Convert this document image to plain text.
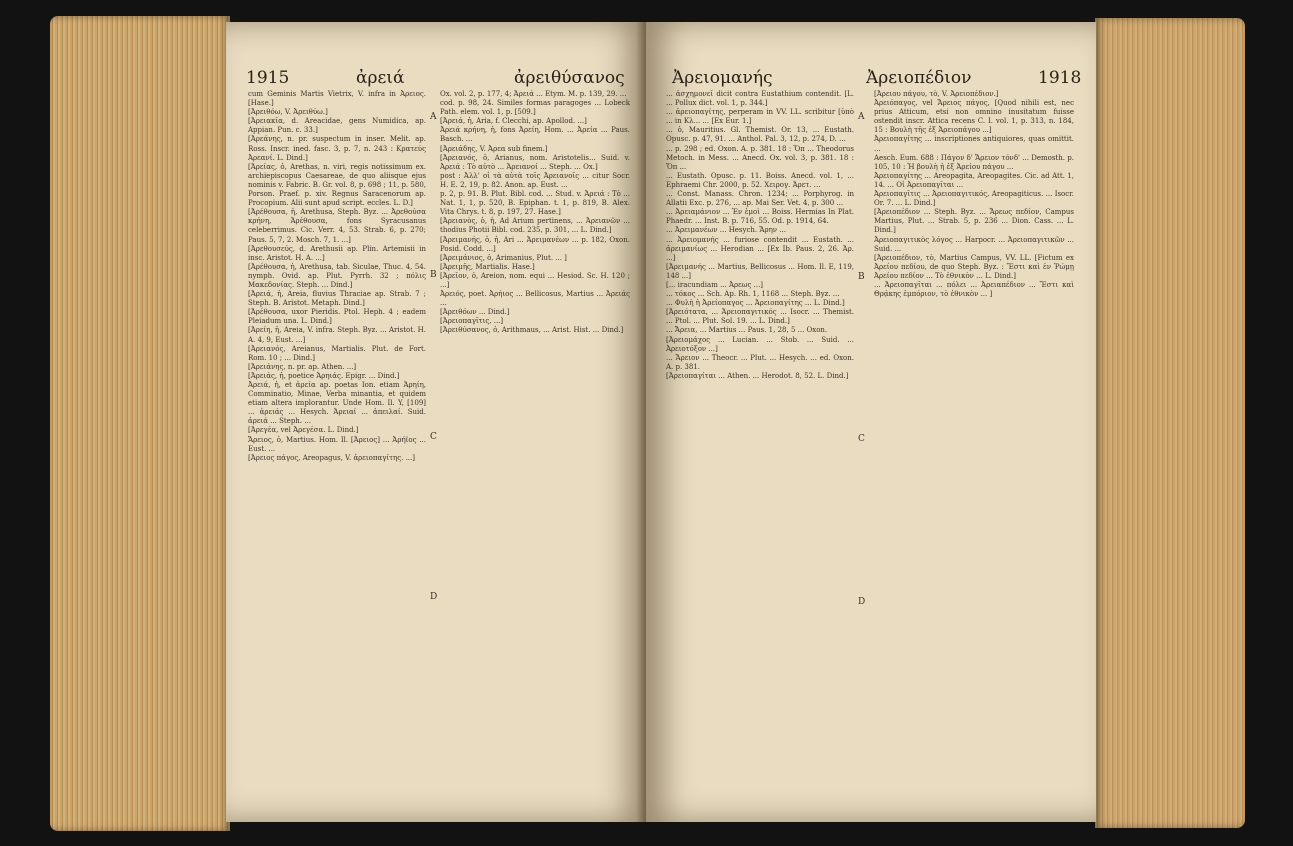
1915	ἀρειά	ἀρειθύσανος

cum Geminis Martis Vietrix, V. infra in Ἀρειος. [Hase.]

[Ἀρειθόω, V. Ἀρειθύω.]

[Ἀρειακῖα, d. Areacidae, gens Numidica, ap. Appian. Pun. c. 33.]

[Ἀρεάνης, n. pr. suspectum in inser. Melit. ap. Ross. Inscr. ined. fasc. 3, p. 7, n. 243 : Κρατεύς Ἀρεανί. L. Dind.]

[Ἀρείας, ὁ, Arethas, n. viri, regis notissimum ex. archiepiscopus Caesareae, de quo aliisque ejus nominis v. Fabric. B. Gr. vol. 8, p. 698 ; 11, p. 580, Porson. Praef. p. xiv. Regnus Saracenorum ap. Procopium. Alii sunt apud script. eccles. L. D.]

[Ἀρέθουσα, ἡ, Arethusa, Steph. Byz. ... Ἀρεθούσα κρήνη, Ἀρέθουσα, fons Syracusanus celeberrimus. Cic. Verr. 4, 53. Strab. 6, p. 270; Paus. 5, 7, 2. Mosch. 7, 1. ...]

[Ἀρεθουσεύς, d. Arethusii ap. Plin. Artemisii in insc. Aristot. H. A. ...]

[Ἀρέθουσα, ἡ, Arethusa, tab. Siculae, Thuc. 4, 54. nymph. Ovid. ap. Plut. Pyrrh. 32 ; πόλις Μακεδονίας. Steph. ... Dind.]

[Ἀρειά, ἡ, Areia, fluvius Thraciae ap. Strab. 7 ; Steph. B. Aristot. Metaph. Dind.]

[Ἀρέθουσα, uxor Pieridis. Ptol. Heph. 4 ; eadem Pleiadum una. L. Dind.]

[Ἀρείη, ἡ, Areia, V. infra. Steph. Byz. ... Aristot. H. A. 4, 9, Eust. ...]

[Ἀρειανός, Areianus, Martialis. Plut. de Fort. Rom. 10 ; ... Dind.]

[Ἀρειάνης, n. pr. ap. Athen. ...]

[Ἀρειάς, ἡ, poetice Ἀρηιάς. Epigr. ... Dind.]

Ἀρειά, ἡ, et ἀρεία ap. poetas Ion. etiam Ἀρηίη, Comminatio, Minae, Verba minantia, et quidem etiam altera implorantur. Unde Hom. Il. Y, [109] ... ἀρειάς ... Hesych. Ἀρειαί ... ἀπειλαί. Suid. ἀρειά ... Steph. ...

[Ἀρεγέα, vel Ἀρεγέσα. L. Dind.]

Ἄρειος, ὁ, Martius. Hom. Il. [Ἀρειος] ... Ἀρήϊος ... Eust. ...

[Ἀρειος πάγος, Areopagus, V. ἀρειοπαγίτης. ...]

Ox. vol. 2, p. 177, 4; Ἀρειά ... Etym. M. p. 139, 29. ...

cod. p. 98, 24. Similes formas paragoges ... Lobeck Path. elem. vol. 1, p. [509.]

[Ἀρειά, ἡ, Aria, f. Clecchi, ap. Apollod. ...]

Ἀρειά κρήνη, ἡ, fons Ἀρείη, Hom. ... Ἀρεία ... Paus. Basch. ...

[Ἀρειάδης, V. Ἀρεα sub finem.]

[Ἀρειανός, ὁ, Arianus, nom. Aristotelis... Suid. v. Ἀρειά : Τὸ αὐτὸ ... Ἀρειανοί ... Steph. ... Ox.]

post : Ἀλλ' οἱ τὰ αὐτὰ τοῖς Ἀρειανοῖς ... citur Socr. H. E. 2, 19, p. 82. Anon. ap. Eust. ...

p. 2, p. 91. B. Plut. Bibl. cod. ... Stud. v. Ἀρειά : Τὸ ... Nat. 1, 1, p. 520, B. Epiphan. t. 1, p. 819, B. Alex. Vita Chrys. t. 8, p. 197, 27. Hase.]

[Ἀρειανὸς, ὁ, ἡ, Ad Arium pertinens, ... Ἀρειανῶν ... thodius Photii Bibl. cod. 235, p. 301, ... L. Dind.]

[Ἀρειμανής, ὁ, ἡ, Ari ... Ἀρειμανέων ... p. 182, Oxon. Posid. Codd. ...]

[Ἀρειμάνιος, ὁ, Arimanius, Plut. ... ]

[Ἀρειμῆς, Martialis. Hase.]

[Ἀρεῖον, ὁ, Areion, nom. equi ... Hesiod. Sc. H. 120 ; ...]

Ἀρειός, poet. Ἀρήιος ... Bellicosus, Martius ... Ἀρειάς ...

[Ἀρειθόων ... Dind.]

[Ἀρειοπαγῖτις, ...]

[Ἀρειθύσανος, ὁ, Arithmaus, ... Arist. Hist. ... Dind.]

A
B
C
D
Ἀρειομανής	Ἀρειοπέδιον	1918

... ἀσχημονεῖ dicit contra Eustathium contendit. [L. ... Pollux dict. vol. 1, p. 344.]

... ἀρειοπαγίτης, perperam in VV. LL. scribitur [ὑπὸ ... in Κλ... ... [Ex Eur. 1.]

... ὁ, Mauritius. Gl. Themist. Or. 13, ... Eustath. Opusc. p. 47, 91. ... Anthol. Pal. 3, 12, p. 274, D. ...

... p. 298 ; ed. Oxon. A. p. 381. 18 : Ὅπ ... Theodorus Metoch. in Mess. ... Anecd. Ox. vol. 3, p. 381. 18 : Ὅπ ...

... Eustath. Opusc. p. 11. Boiss. Anecd. vol. 1, ... Ephraemi Chr. 2000, p. 52. Χειρογ. Ἀρετ. ...

... Const. Manass. Chron. 1234; ... Porphyrog. in Allatii Exc. p. 276, ... ap. Mai Ser. Vet. 4, p. 300 ...

... Ἀρειαμάνιον ... Ἐν ἐμοὶ ... Boiss. Hermias In Plat. Phaedr. ... Inst. B. p. 716, 55. Od. p. 1914, 64.

... Ἀρειμανέων ... Hesych. Ἄρην ...

... Ἀρειομανής ... furiose contendit ... Eustath. ... ἀρειμανίως ... Herodian ... [Ex Ib. Paus. 2, 26. Ἀρ. ...]

[Ἀρειμανής ... Martius, Bellicosus ... Hom. Il. E, 119, 148 ...]

[... iracundiam ... Ἀρεως ...]

... τόκος ... Sch. Ap. Rh. 1, 1168 ... Steph. Byz. ...

... Φυλὴ ἡ Ἀρείοπαγος ... Ἀρειοπαγίτης ... L. Dind.]

[Ἀρειότατα, ... Ἀρειοπαγιτικός ... Isocr. ... Themist. ... Ptol. ... Plut. Sol. 19. ... L. Dind.]

... Ἄρεια, ... Martius ... Paus. 1, 28, 5 ... Oxon.

[Ἀρειομάχος ... Lucian. ... Stob. ... Suid. ... Ἀρειοτόξον ...]

... Ἄρειον ... Theocr. ... Plut. ... Hesych. ... ed. Oxon. A. p. 381.

[Ἀρειοπαγίται ... Athen. ... Herodot. 8, 52. L. Dind.]

[Ἀρειου πάγου, τὸ, V. Ἀρειοπέδιον.]

Ἀρειόπαγος, vel Ἄρειος πάγος, [Quod nihili est, nec prius Atticum, etsi non omnino inusitatum fuisse ostendit inscr. Attica recens C. I. vol. 1, p. 313, n. 184, 15 : Βουλὴ τῆς ἐξ Ἀρειοπάγου ...]

Ἀρειοπαγίτης ... inscriptiones antiquiores, quas omittit. ...

Aesch. Eum. 688 : Πάγον δ' Ἄρειον τόνδ' ... Demosth. p. 105, 10 : Ἡ βουλὴ ἡ ἐξ Ἀρείου πάγου ...

Ἀρειοπαγίτης ... Areopagita, Areopagites. Cic. ad Att. 1, 14. ... Οἱ Ἀρειοπαγῖται ...

Ἀρειοπαγῖτις ... Ἀρειοπαγιτικός, Areopagiticus. ... Isocr. Or. 7. ... L. Dind.]

[Ἀρειοπέδιον ... Steph. Byz. ... Ἄρεως πεδίον, Campus Martius, Plut. ... Strab. 5, p. 236 ... Dion. Cass. ... L. Dind.]

Ἀρειοπαγιτικὸς λόγος ... Harpocr. ... Ἀρειοπαγιτικῶν ... Suid. ...

[Ἀρειοπέδιον, τὸ, Martius Campus, VV. LL. [Fictum ex Ἀρείου πεδίου, de quo Steph. Byz. : Ἔστι καὶ ἐν Ῥώμῃ Ἀρείου πεδίον ... Τὸ ἐθνικὸν ... L. Dind.]

... Ἀρειοπαγῖται ... πόλει ... Ἀρειαπέδιον ... Ἔστι καὶ Θρᾴκης ἐμπόριον, τὸ ἐθνικὸν ... ]

A
B
C
D
